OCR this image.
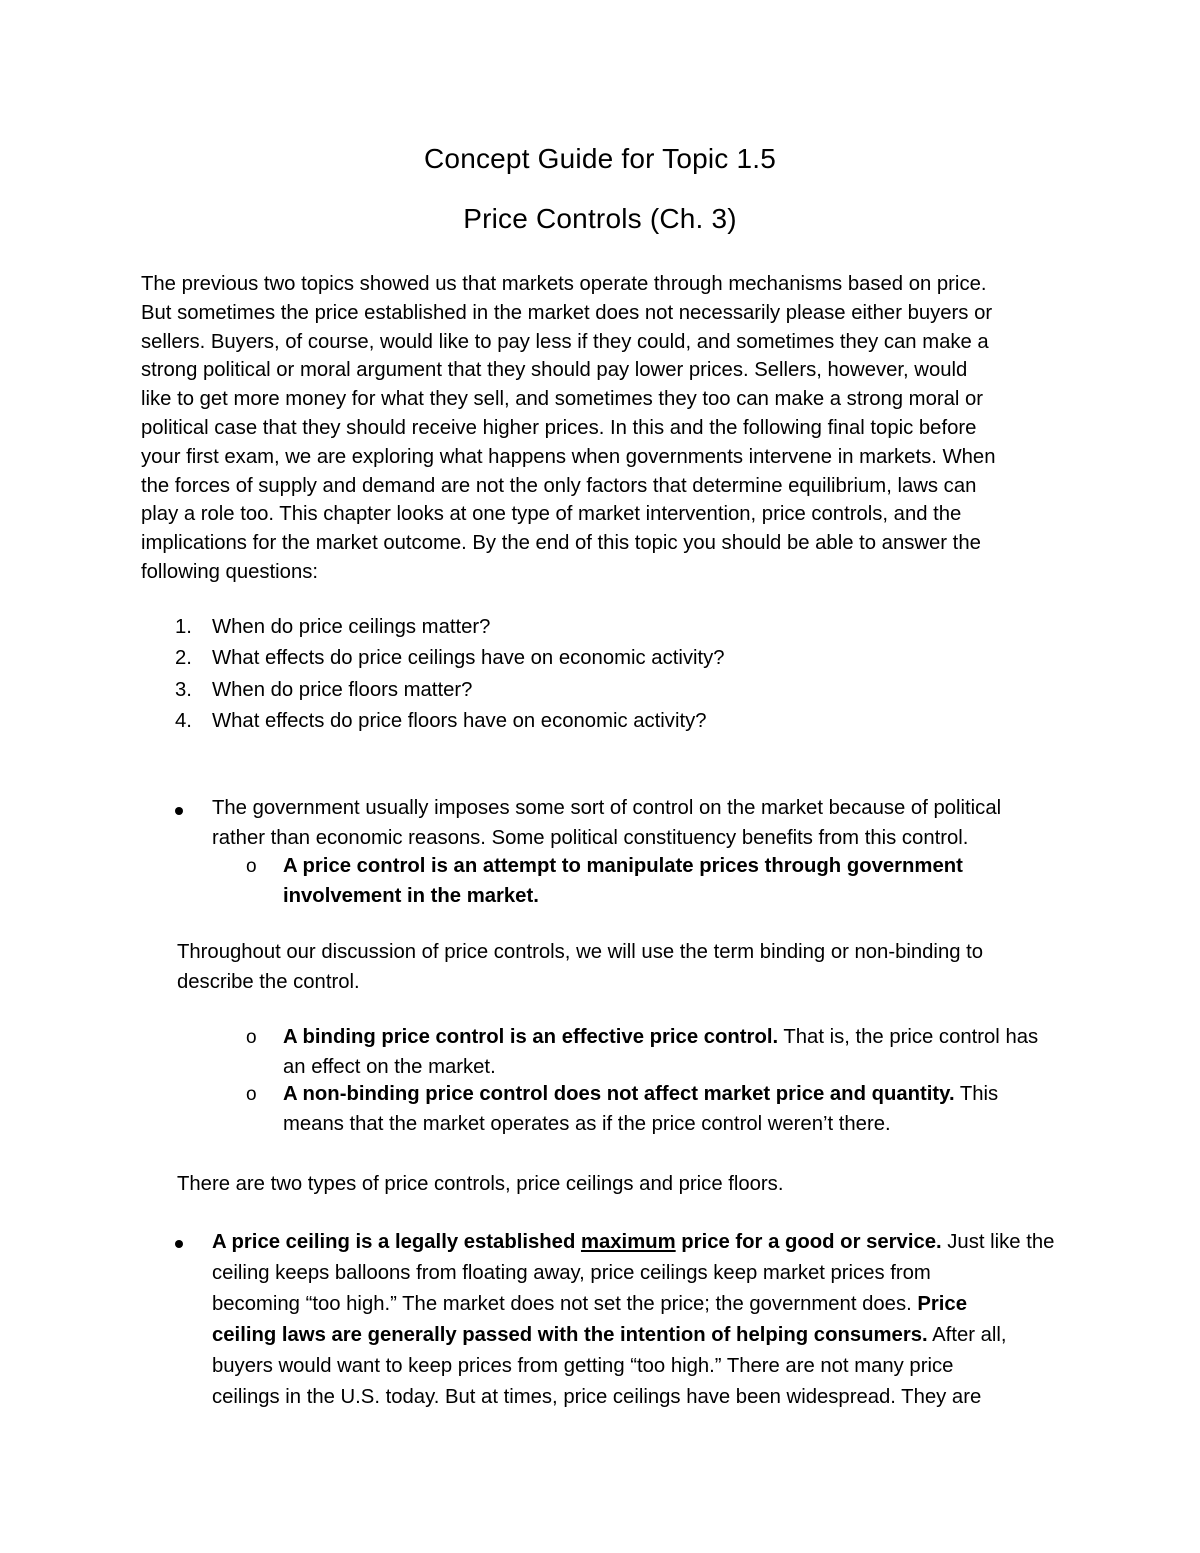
Concept Guide for Topic 1.5
Price Controls (Ch. 3)

The previous two topics showed us that markets operate through mechanisms based on price.
But sometimes the price established in the market does not necessarily please either buyers or
sellers. Buyers, of course, would like to pay less if they could, and sometimes they can make a
strong political or moral argument that they should pay lower prices. Sellers, however, would
like to get more money for what they sell, and sometimes they too can make a strong moral or
political case that they should receive higher prices. In this and the following final topic before
your first exam, we are exploring what happens when governments intervene in markets. When
the forces of supply and demand are not the only factors that determine equilibrium, laws can
play a role too. This chapter looks at one type of market intervention, price controls, and the
implications for the market outcome. By the end of this topic you should be able to answer the
following questions:

1. When do price ceilings matter?
2. What effects do price ceilings have on economic activity?
3. When do price floors matter?
4. What effects do price floors have on economic activity?
The government usually imposes some sort of control on the market because of political
rather than economic reasons. Some political constituency benefits from this control.
o A price control is an attempt to manipulate prices through government
involvement in the market.

Throughout our discussion of price controls, we will use the term binding or non-binding to
describe the control.

o A binding price control is an effective price control. That is, the price control has
an effect on the market.
o A non-binding price control does not affect market price and quantity. This
means that the market operates as if the price control weren’t there.

There are two types of price controls, price ceilings and price floors.

A price ceiling is a legally established maximum price for a good or service. Just like the
ceiling keeps balloons from floating away, price ceilings keep market prices from
becoming “too high.” The market does not set the price; the government does. Price
ceiling laws are generally passed with the intention of helping consumers. After all,
buyers would want to keep prices from getting “too high.” There are not many price
ceilings in the U.S. today. But at times, price ceilings have been widespread. They are
